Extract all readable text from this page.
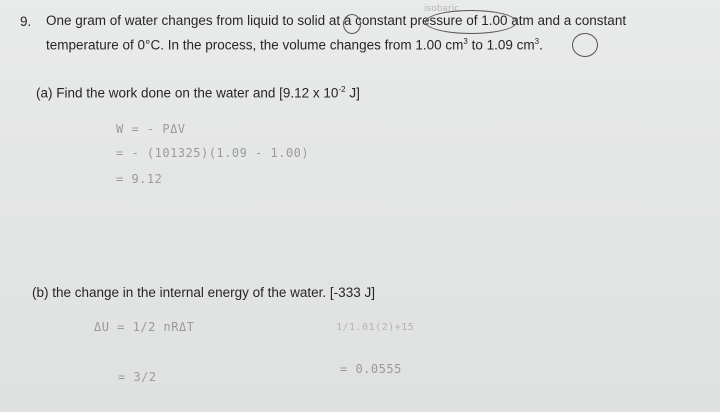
isobaric
9. One gram of water changes from liquid to solid at a constant pressure of 1.00 atm and a constant
temperature of 0°C. In the process, the volume changes from 1.00 $cm^3$ to 1.09 $cm^3$.
(a) Find the work done on the water and [9.12 x $10^{-2}$ J]
W = - PΔV
= - (101325)(1.09 - 1.00)
= 9.12
(b) the change in the internal energy of the water. [-333 J]
ΔU = 1/2 nRΔT
= 3/2
1/1.01(2)+15
= 0.0555
